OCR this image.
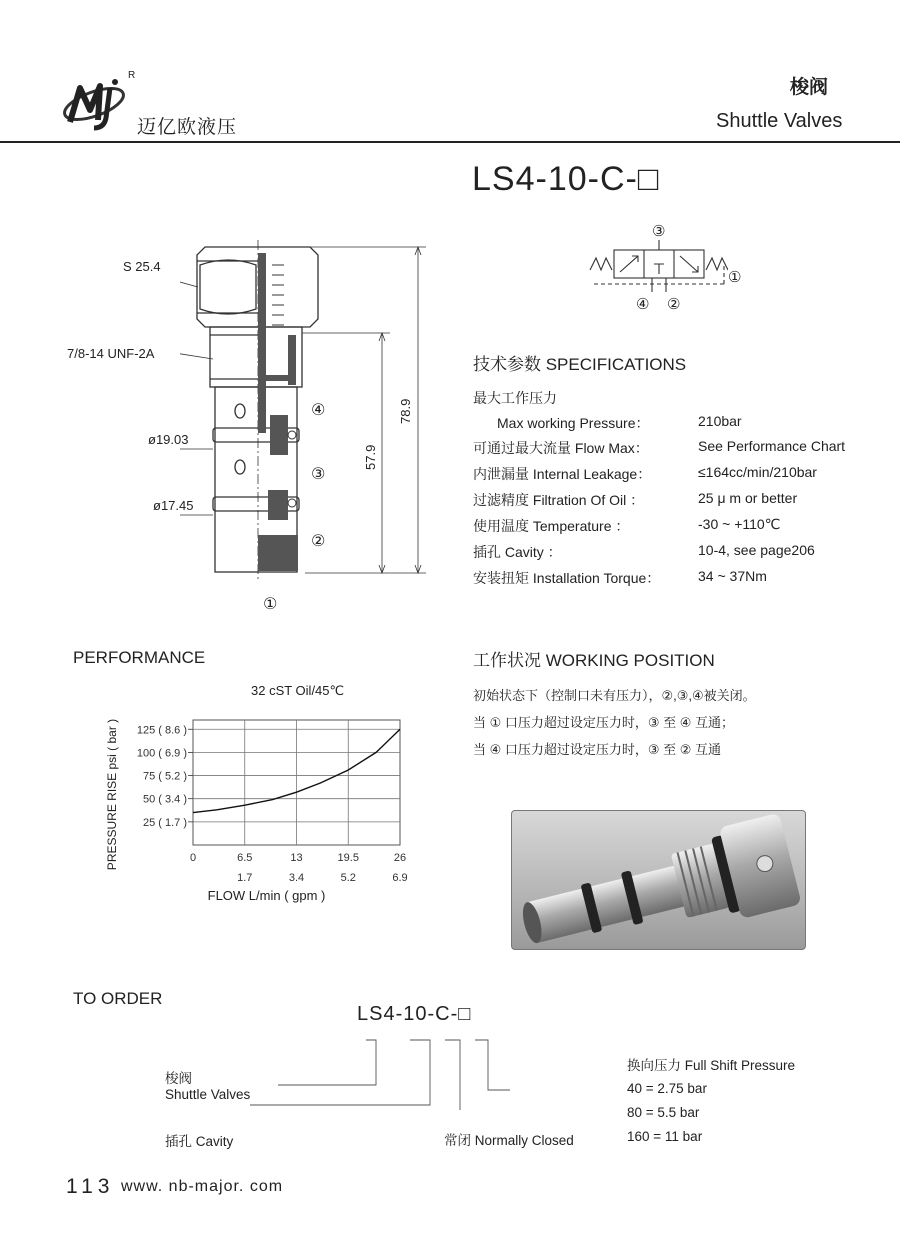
R
迈亿欧液压
梭阀
Shuttle Valves
LS4-10-C-□
S 25.4
7/8-14 UNF-2A
ø19.03
ø17.45
78.9
57.9
④
③
②
①
③
①
④ ②
技术参数 SPECIFICATIONS
最大工作压力
Max working Pressure：	210bar
可通过最大流量 Flow Max：	See Performance Chart
内泄漏量 Internal Leakage：	≤164cc/min/210bar
过滤精度 Filtration Of Oil ：	25 μ m or better
使用温度 Temperature ：	-30 ~ +110℃
插孔 Cavity ：	10-4, see page206
安装扭矩 Installation Torque：	34 ~ 37Nm
PERFORMANCE
32 cST Oil/45℃
0	6.5	13	19.5	26
1.7	3.4	5.2	6.9
25 ( 1.7 )
50 ( 3.4 )
75 ( 5.2 )
100 ( 6.9 )
125 ( 8.6 )
FLOW L/min ( gpm )
PRESSURE RISE psi ( bar )
工作状况 WORKING POSITION
初始状态下（控制口未有压力），②,③,④被关闭。
当 ① 口压力超过设定压力时，③ 至 ④ 互通；
当 ④ 口压力超过设定压力时，③ 至 ② 互通
TO ORDER
LS4-10-C-□
梭阀
Shuttle Valves
插孔 Cavity	常闭 Normally Closed
换向压力 Full Shift Pressure
40 = 2.75 bar
80 = 5.5 bar
160 = 11 bar
113 www. nb-major. com
